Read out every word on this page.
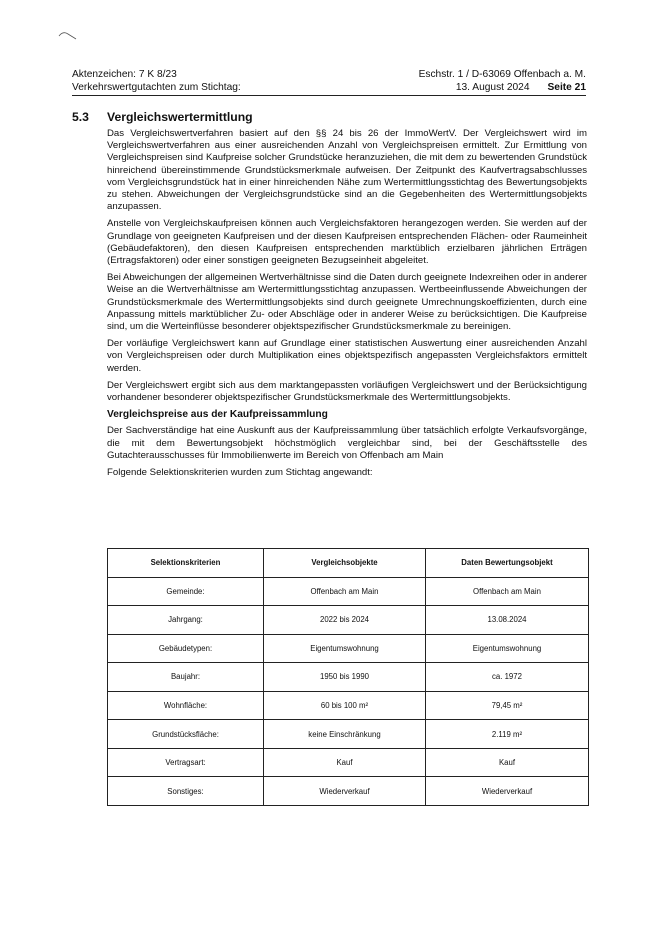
Aktenzeichen: 7 K 8/23	Eschstr. 1 / D-63069 Offenbach a. M.
Verkehrswertgutachten zum Stichtag:	13. August 2024 Seite 21
5.3 Vergleichswertermittlung

Das Vergleichswertverfahren basiert auf den §§ 24 bis 26 der ImmoWertV. Der Vergleichswert wird im Vergleichswertverfahren aus einer ausreichenden Anzahl von Vergleichspreisen ermittelt. Zur Ermittlung von Vergleichspreisen sind Kaufpreise solcher Grundstücke heranzuziehen, die mit dem zu bewertenden Grundstück hinreichend übereinstimmende Grundstücksmerkmale aufweisen. Der Zeitpunkt des Kaufvertragsabschlusses vom Vergleichsgrundstück hat in einer hinreichenden Nähe zum Wertermittlungsstichtag des Bewertungsobjekts zu stehen. Abweichungen der Vergleichsgrundstücke sind an die Gegebenheiten des Wertermittlungsobjekts anzupassen.

Anstelle von Vergleichskaufpreisen können auch Vergleichsfaktoren herangezogen werden. Sie werden auf der Grundlage von geeigneten Kaufpreisen und der diesen Kaufpreisen entsprechenden Flächen- oder Raumeinheit (Gebäudefaktoren), den diesen Kaufpreisen entsprechenden marktüblich erzielbaren jährlichen Erträgen (Ertragsfaktoren) oder einer sonstigen geeigneten Bezugseinheit abgeleitet.

Bei Abweichungen der allgemeinen Wertverhältnisse sind die Daten durch geeignete Indexreihen oder in anderer Weise an die Wertverhältnisse am Wertermittlungsstichtag anzupassen. Wertbeeinflussende Abweichungen der Grundstücksmerkmale des Wertermittlungsobjekts sind durch geeignete Umrechnungskoeffizienten, durch eine Anpassung mittels marktüblicher Zu- oder Abschläge oder in anderer Weise zu berücksichtigen. Die Kaufpreise sind, um die Werteinflüsse besonderer objektspezifischer Grundstücksmerkmale zu bereinigen.

Der vorläufige Vergleichswert kann auf Grundlage einer statistischen Auswertung einer ausreichenden Anzahl von Vergleichspreisen oder durch Multiplikation eines objektspezifisch angepassten Vergleichsfaktors ermittelt werden.

Der Vergleichswert ergibt sich aus dem marktangepassten vorläufigen Vergleichswert und der Berücksichtigung vorhandener besonderer objektspezifischer Grundstücksmerkmale des Wertermittlungsobjekts.

Vergleichspreise aus der Kaufpreissammlung

Der Sachverständige hat eine Auskunft aus der Kaufpreissammlung über tatsächlich erfolgte Verkaufsvorgänge, die mit dem Bewertungsobjekt höchstmöglich vergleichbar sind, bei der Geschäftsstelle des Gutachterausschusses für Immobilienwerte im Bereich von Offenbach am Main

Folgende Selektionskriterien wurden zum Stichtag angewandt:

Selektionskriterien	Vergleichsobjekte	Daten Bewertungsobjekt
Gemeinde:	Offenbach am Main	Offenbach am Main
Jahrgang:	2022 bis 2024	13.08.2024
Gebäudetypen:	Eigentumswohnung	Eigentumswohnung
Baujahr:	1950 bis 1990	ca. 1972
Wohnfläche:	60 bis 100 m²	79,45 m²
Grundstücksfläche:	keine Einschränkung	2.119 m²
Vertragsart:	Kauf	Kauf
Sonstiges:	Wiederverkauf	Wiederverkauf
